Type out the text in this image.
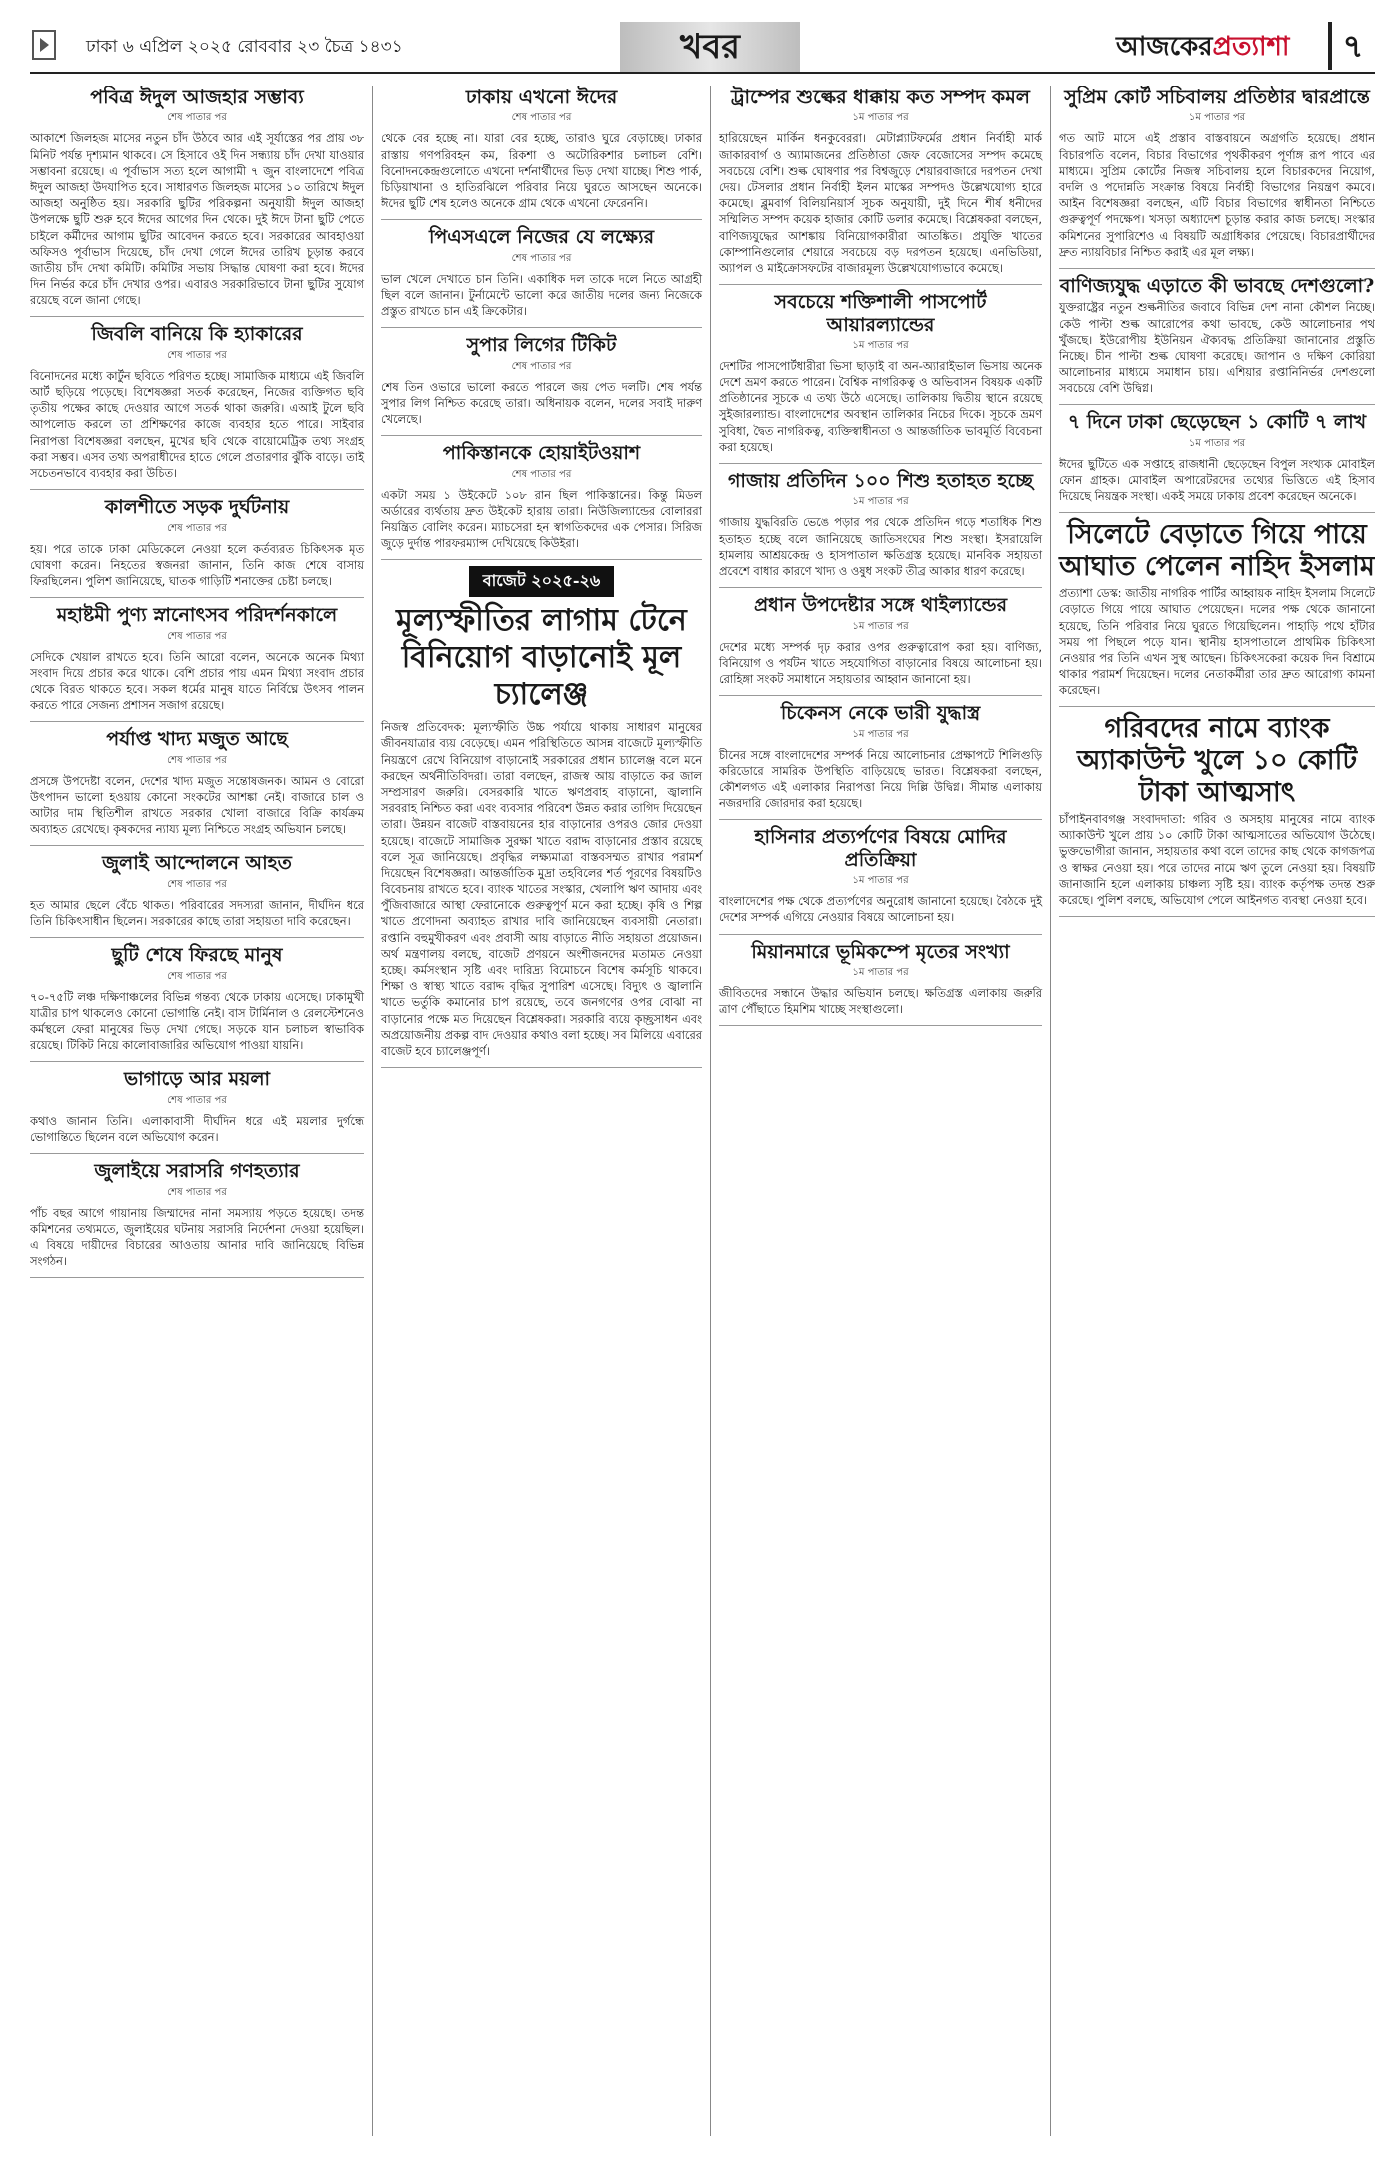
ঢাকা ৬ এপ্রিল ২০২৫ রোববার ২৩ চৈত্র ১৪৩১	খবর	আজকেরপ্রত্যাশা	৭
পবিত্র ঈদুল আজহার সম্ভাব্য
শেষ পাতার পর

আকাশে জিলহজ মাসের নতুন চাঁদ উঠবে আর এই সূর্যাস্তের পর প্রায় ৩৮ মিনিট পর্যন্ত দৃশ্যমান থাকবে। সে হিসাবে ওই দিন সন্ধ্যায় চাঁদ দেখা যাওয়ার সম্ভাবনা রয়েছে। এ পূর্বাভাস সত্য হলে আগামী ৭ জুন বাংলাদেশে পবিত্র ঈদুল আজহা উদযাপিত হবে। সাধারণত জিলহজ মাসের ১০ তারিখে ঈদুল আজহা অনুষ্ঠিত হয়। সরকারি ছুটির পরিকল্পনা অনুযায়ী ঈদুল আজহা উপলক্ষে ছুটি শুরু হবে ঈদের আগের দিন থেকে। দুই ঈদে টানা ছুটি পেতে চাইলে কর্মীদের আগাম ছুটির আবেদন করতে হবে। সরকারের আবহাওয়া অফিসও পূর্বাভাস দিয়েছে, চাঁদ দেখা গেলে ঈদের তারিখ চূড়ান্ত করবে জাতীয় চাঁদ দেখা কমিটি। কমিটির সভায় সিদ্ধান্ত ঘোষণা করা হবে। ঈদের দিন নির্ভর করে চাঁদ দেখার ওপর। এবারও সরকারিভাবে টানা ছুটির সুযোগ রয়েছে বলে জানা গেছে।

জিবলি বানিয়ে কি হ্যাকারের
শেষ পাতার পর

বিনোদনের মধ্যে কার্টুন ছবিতে পরিণত হচ্ছে। সামাজিক মাধ্যমে এই জিবলি আর্ট ছড়িয়ে পড়েছে। বিশেষজ্ঞরা সতর্ক করেছেন, নিজের ব্যক্তিগত ছবি তৃতীয় পক্ষের কাছে দেওয়ার আগে সতর্ক থাকা জরুরি। এআই টুলে ছবি আপলোড করলে তা প্রশিক্ষণের কাজে ব্যবহার হতে পারে। সাইবার নিরাপত্তা বিশেষজ্ঞরা বলছেন, মুখের ছবি থেকে বায়োমেট্রিক তথ্য সংগ্রহ করা সম্ভব। এসব তথ্য অপরাধীদের হাতে গেলে প্রতারণার ঝুঁকি বাড়ে। তাই সচেতনভাবে ব্যবহার করা উচিত।

কালশীতে সড়ক দুর্ঘটনায়
শেষ পাতার পর

হয়। পরে তাকে ঢাকা মেডিকেলে নেওয়া হলে কর্তব্যরত চিকিৎসক মৃত ঘোষণা করেন। নিহতের স্বজনরা জানান, তিনি কাজ শেষে বাসায় ফিরছিলেন। পুলিশ জানিয়েছে, ঘাতক গাড়িটি শনাক্তের চেষ্টা চলছে।

মহাষ্টমী পুণ্য স্নানোৎসব পরিদর্শনকালে
শেষ পাতার পর

সেদিকে খেয়াল রাখতে হবে। তিনি আরো বলেন, অনেকে অনেক মিথ্যা সংবাদ দিয়ে প্রচার করে থাকে। বেশি প্রচার পায় এমন মিথ্যা সংবাদ প্রচার থেকে বিরত থাকতে হবে। সকল ধর্মের মানুষ যাতে নির্বিঘ্নে উৎসব পালন করতে পারে সেজন্য প্রশাসন সজাগ রয়েছে।

পর্যাপ্ত খাদ্য মজুত আছে
শেষ পাতার পর

প্রসঙ্গে উপদেষ্টা বলেন, দেশের খাদ্য মজুত সন্তোষজনক। আমন ও বোরো উৎপাদন ভালো হওয়ায় কোনো সংকটের আশঙ্কা নেই। বাজারে চাল ও আটার দাম স্থিতিশীল রাখতে সরকার খোলা বাজারে বিক্রি কার্যক্রম অব্যাহত রেখেছে। কৃষকদের ন্যায্য মূল্য নিশ্চিতে সংগ্রহ অভিযান চলছে।

জুলাই আন্দোলনে আহত
শেষ পাতার পর

হত আমার ছেলে বেঁচে থাকত। পরিবারের সদস্যরা জানান, দীর্ঘদিন ধরে তিনি চিকিৎসাধীন ছিলেন। সরকারের কাছে তারা সহায়তা দাবি করেছেন।

ছুটি শেষে ফিরছে মানুষ
শেষ পাতার পর

৭০-৭৫টি লঞ্চ দক্ষিণাঞ্চলের বিভিন্ন গন্তব্য থেকে ঢাকায় এসেছে। ঢাকামুখী যাত্রীর চাপ থাকলেও কোনো ভোগান্তি নেই। বাস টার্মিনাল ও রেলস্টেশনেও কর্মস্থলে ফেরা মানুষের ভিড় দেখা গেছে। সড়কে যান চলাচল স্বাভাবিক রয়েছে। টিকিট নিয়ে কালোবাজারির অভিযোগ পাওয়া যায়নি।

ভাগাড়ে আর ময়লা
শেষ পাতার পর

কথাও জানান তিনি। এলাকাবাসী দীর্ঘদিন ধরে এই ময়লার দুর্গন্ধে ভোগান্তিতে ছিলেন বলে অভিযোগ করেন।

জুলাইয়ে সরাসরি গণহত্যার
শেষ পাতার পর

পাঁচ বছর আগে গায়ানায় জিম্মাদের নানা সমস্যায় পড়তে হয়েছে। তদন্ত কমিশনের তথ্যমতে, জুলাইয়ের ঘটনায় সরাসরি নির্দেশনা দেওয়া হয়েছিল। এ বিষয়ে দায়ীদের বিচারের আওতায় আনার দাবি জানিয়েছে বিভিন্ন সংগঠন।

ঢাকায় এখনো ঈদের
শেষ পাতার পর

থেকে বের হচ্ছে না। যারা বের হচ্ছে, তারাও ঘুরে বেড়াচ্ছে। ঢাকার রাস্তায় গণপরিবহন কম, রিকশা ও অটোরিকশার চলাচল বেশি। বিনোদনকেন্দ্রগুলোতে এখনো দর্শনার্থীদের ভিড় দেখা যাচ্ছে। শিশু পার্ক, চিড়িয়াখানা ও হাতিরঝিলে পরিবার নিয়ে ঘুরতে আসছেন অনেকে। ঈদের ছুটি শেষ হলেও অনেকে গ্রাম থেকে এখনো ফেরেননি।

পিএসএলে নিজের যে লক্ষ্যের
শেষ পাতার পর

ভাল খেলে দেখাতে চান তিনি। একাধিক দল তাকে দলে নিতে আগ্রহী ছিল বলে জানান। টুর্নামেন্টে ভালো করে জাতীয় দলের জন্য নিজেকে প্রস্তুত রাখতে চান এই ক্রিকেটার।

সুপার লিগের টিকিট
শেষ পাতার পর

শেষ তিন ওভারে ভালো করতে পারলে জয় পেত দলটি। শেষ পর্যন্ত সুপার লিগ নিশ্চিত করেছে তারা। অধিনায়ক বলেন, দলের সবাই দারুণ খেলেছে।

পাকিস্তানকে হোয়াইটওয়াশ
শেষ পাতার পর

একটা সময় ১ উইকেটে ১০৮ রান ছিল পাকিস্তানের। কিন্তু মিডল অর্ডারের ব্যর্থতায় দ্রুত উইকেট হারায় তারা। নিউজিল্যান্ডের বোলাররা নিয়ন্ত্রিত বোলিং করেন। ম্যাচসেরা হন স্বাগতিকদের এক পেসার। সিরিজ জুড়ে দুর্দান্ত পারফরম্যান্স দেখিয়েছে কিউইরা।

বাজেট ২০২৫-২৬
মূল্যস্ফীতির লাগাম টেনে বিনিয়োগ বাড়ানোই মূল চ্যালেঞ্জ

নিজস্ব প্রতিবেদক: মূল্যস্ফীতি উচ্চ পর্যায়ে থাকায় সাধারণ মানুষের জীবনযাত্রার ব্যয় বেড়েছে। এমন পরিস্থিতিতে আসন্ন বাজেটে মূল্যস্ফীতি নিয়ন্ত্রণে রেখে বিনিয়োগ বাড়ানোই সরকারের প্রধান চ্যালেঞ্জ বলে মনে করছেন অর্থনীতিবিদরা। তারা বলছেন, রাজস্ব আয় বাড়াতে কর জাল সম্প্রসারণ জরুরি। বেসরকারি খাতে ঋণপ্রবাহ বাড়ানো, জ্বালানি সরবরাহ নিশ্চিত করা এবং ব্যবসার পরিবেশ উন্নত করার তাগিদ দিয়েছেন তারা। উন্নয়ন বাজেট বাস্তবায়নের হার বাড়ানোর ওপরও জোর দেওয়া হয়েছে। বাজেটে সামাজিক সুরক্ষা খাতে বরাদ্দ বাড়ানোর প্রস্তাব রয়েছে বলে সূত্র জানিয়েছে। প্রবৃদ্ধির লক্ষ্যমাত্রা বাস্তবসম্মত রাখার পরামর্শ দিয়েছেন বিশেষজ্ঞরা। আন্তর্জাতিক মুদ্রা তহবিলের শর্ত পূরণের বিষয়টিও বিবেচনায় রাখতে হবে। ব্যাংক খাতের সংস্কার, খেলাপি ঋণ আদায় এবং পুঁজিবাজারে আস্থা ফেরানোকে গুরুত্বপূর্ণ মনে করা হচ্ছে। কৃষি ও শিল্প খাতে প্রণোদনা অব্যাহত রাখার দাবি জানিয়েছেন ব্যবসায়ী নেতারা। রপ্তানি বহুমুখীকরণ এবং প্রবাসী আয় বাড়াতে নীতি সহায়তা প্রয়োজন। অর্থ মন্ত্রণালয় বলছে, বাজেট প্রণয়নে অংশীজনদের মতামত নেওয়া হচ্ছে। কর্মসংস্থান সৃষ্টি এবং দারিদ্র্য বিমোচনে বিশেষ কর্মসূচি থাকবে। শিক্ষা ও স্বাস্থ্য খাতে বরাদ্দ বৃদ্ধির সুপারিশ এসেছে। বিদ্যুৎ ও জ্বালানি খাতে ভর্তুকি কমানোর চাপ রয়েছে, তবে জনগণের ওপর বোঝা না বাড়ানোর পক্ষে মত দিয়েছেন বিশ্লেষকরা। সরকারি ব্যয়ে কৃচ্ছ্রসাধন এবং অপ্রয়োজনীয় প্রকল্প বাদ দেওয়ার কথাও বলা হচ্ছে। সব মিলিয়ে এবারের বাজেট হবে চ্যালেঞ্জপূর্ণ।

ট্রাম্পের শুল্কের ধাক্কায় কত সম্পদ কমল
১ম পাতার পর

হারিয়েছেন মার্কিন ধনকুবেররা। মেটাপ্ল্যাটফর্মের প্রধান নির্বাহী মার্ক জাকারবার্গ ও অ্যামাজনের প্রতিষ্ঠাতা জেফ বেজোসের সম্পদ কমেছে সবচেয়ে বেশি। শুল্ক ঘোষণার পর বিশ্বজুড়ে শেয়ারবাজারে দরপতন দেখা দেয়। টেসলার প্রধান নির্বাহী ইলন মাস্কের সম্পদও উল্লেখযোগ্য হারে কমেছে। ব্লুমবার্গ বিলিয়নিয়ার্স সূচক অনুযায়ী, দুই দিনে শীর্ষ ধনীদের সম্মিলিত সম্পদ কয়েক হাজার কোটি ডলার কমেছে। বিশ্লেষকরা বলছেন, বাণিজ্যযুদ্ধের আশঙ্কায় বিনিয়োগকারীরা আতঙ্কিত। প্রযুক্তি খাতের কোম্পানিগুলোর শেয়ারে সবচেয়ে বড় দরপতন হয়েছে। এনভিডিয়া, অ্যাপল ও মাইক্রোসফটের বাজারমূল্য উল্লেখযোগ্যভাবে কমেছে।

সবচেয়ে শক্তিশালী পাসপোর্ট আয়ারল্যান্ডের
১ম পাতার পর

দেশটির পাসপোর্টধারীরা ভিসা ছাড়াই বা অন-অ্যারাইভাল ভিসায় অনেক দেশে ভ্রমণ করতে পারেন। বৈশ্বিক নাগরিকত্ব ও অভিবাসন বিষয়ক একটি প্রতিষ্ঠানের সূচকে এ তথ্য উঠে এসেছে। তালিকায় দ্বিতীয় স্থানে রয়েছে সুইজারল্যান্ড। বাংলাদেশের অবস্থান তালিকার নিচের দিকে। সূচকে ভ্রমণ সুবিধা, দ্বৈত নাগরিকত্ব, ব্যক্তিস্বাধীনতা ও আন্তর্জাতিক ভাবমূর্তি বিবেচনা করা হয়েছে।

গাজায় প্রতিদিন ১০০ শিশু হতাহত হচ্ছে
১ম পাতার পর

গাজায় যুদ্ধবিরতি ভেঙে পড়ার পর থেকে প্রতিদিন গড়ে শতাধিক শিশু হতাহত হচ্ছে বলে জানিয়েছে জাতিসংঘের শিশু সংস্থা। ইসরায়েলি হামলায় আশ্রয়কেন্দ্র ও হাসপাতাল ক্ষতিগ্রস্ত হয়েছে। মানবিক সহায়তা প্রবেশে বাধার কারণে খাদ্য ও ওষুধ সংকট তীব্র আকার ধারণ করেছে।

প্রধান উপদেষ্টার সঙ্গে থাইল্যান্ডের
১ম পাতার পর

দেশের মধ্যে সম্পর্ক দৃঢ় করার ওপর গুরুত্বারোপ করা হয়। বাণিজ্য, বিনিয়োগ ও পর্যটন খাতে সহযোগিতা বাড়ানোর বিষয়ে আলোচনা হয়। রোহিঙ্গা সংকট সমাধানে সহায়তার আহ্বান জানানো হয়।

চিকেনস নেকে ভারী যুদ্ধাস্ত্র
১ম পাতার পর

চীনের সঙ্গে বাংলাদেশের সম্পর্ক নিয়ে আলোচনার প্রেক্ষাপটে শিলিগুড়ি করিডোরে সামরিক উপস্থিতি বাড়িয়েছে ভারত। বিশ্লেষকরা বলছেন, কৌশলগত এই এলাকার নিরাপত্তা নিয়ে দিল্লি উদ্বিগ্ন। সীমান্ত এলাকায় নজরদারি জোরদার করা হয়েছে।

হাসিনার প্রত্যর্পণের বিষয়ে মোদির প্রতিক্রিয়া
১ম পাতার পর

বাংলাদেশের পক্ষ থেকে প্রত্যর্পণের অনুরোধ জানানো হয়েছে। বৈঠকে দুই দেশের সম্পর্ক এগিয়ে নেওয়ার বিষয়ে আলোচনা হয়।

মিয়ানমারে ভূমিকম্পে মৃতের সংখ্যা
১ম পাতার পর

জীবিতদের সন্ধানে উদ্ধার অভিযান চলছে। ক্ষতিগ্রস্ত এলাকায় জরুরি ত্রাণ পৌঁছাতে হিমশিম খাচ্ছে সংস্থাগুলো।

সুপ্রিম কোর্ট সচিবালয় প্রতিষ্ঠার দ্বারপ্রান্তে
১ম পাতার পর

গত আট মাসে এই প্রস্তাব বাস্তবায়নে অগ্রগতি হয়েছে। প্রধান বিচারপতি বলেন, বিচার বিভাগের পৃথকীকরণ পূর্ণাঙ্গ রূপ পাবে এর মাধ্যমে। সুপ্রিম কোর্টের নিজস্ব সচিবালয় হলে বিচারকদের নিয়োগ, বদলি ও পদোন্নতি সংক্রান্ত বিষয়ে নির্বাহী বিভাগের নিয়ন্ত্রণ কমবে। আইন বিশেষজ্ঞরা বলছেন, এটি বিচার বিভাগের স্বাধীনতা নিশ্চিতে গুরুত্বপূর্ণ পদক্ষেপ। খসড়া অধ্যাদেশ চূড়ান্ত করার কাজ চলছে। সংস্কার কমিশনের সুপারিশেও এ বিষয়টি অগ্রাধিকার পেয়েছে। বিচারপ্রার্থীদের দ্রুত ন্যায়বিচার নিশ্চিত করাই এর মূল লক্ষ্য।

বাণিজ্যযুদ্ধ এড়াতে কী ভাবছে দেশগুলো?

যুক্তরাষ্ট্রের নতুন শুল্কনীতির জবাবে বিভিন্ন দেশ নানা কৌশল নিচ্ছে। কেউ পাল্টা শুল্ক আরোপের কথা ভাবছে, কেউ আলোচনার পথ খুঁজছে। ইউরোপীয় ইউনিয়ন ঐক্যবদ্ধ প্রতিক্রিয়া জানানোর প্রস্তুতি নিচ্ছে। চীন পাল্টা শুল্ক ঘোষণা করেছে। জাপান ও দক্ষিণ কোরিয়া আলোচনার মাধ্যমে সমাধান চায়। এশিয়ার রপ্তানিনির্ভর দেশগুলো সবচেয়ে বেশি উদ্বিগ্ন।

৭ দিনে ঢাকা ছেড়েছেন ১ কোটি ৭ লাখ
১ম পাতার পর

ঈদের ছুটিতে এক সপ্তাহে রাজধানী ছেড়েছেন বিপুল সংখ্যক মোবাইল ফোন গ্রাহক। মোবাইল অপারেটরদের তথ্যের ভিত্তিতে এই হিসাব দিয়েছে নিয়ন্ত্রক সংস্থা। একই সময়ে ঢাকায় প্রবেশ করেছেন অনেকে।

সিলেটে বেড়াতে গিয়ে পায়ে আঘাত পেলেন নাহিদ ইসলাম

প্রত্যাশা ডেস্ক: জাতীয় নাগরিক পার্টির আহ্বায়ক নাহিদ ইসলাম সিলেটে বেড়াতে গিয়ে পায়ে আঘাত পেয়েছেন। দলের পক্ষ থেকে জানানো হয়েছে, তিনি পরিবার নিয়ে ঘুরতে গিয়েছিলেন। পাহাড়ি পথে হাঁটার সময় পা পিছলে পড়ে যান। স্থানীয় হাসপাতালে প্রাথমিক চিকিৎসা নেওয়ার পর তিনি এখন সুস্থ আছেন। চিকিৎসকেরা কয়েক দিন বিশ্রামে থাকার পরামর্শ দিয়েছেন। দলের নেতাকর্মীরা তার দ্রুত আরোগ্য কামনা করেছেন।

গরিবদের নামে ব্যাংক অ্যাকাউন্ট খুলে ১০ কোটি টাকা আত্মসাৎ

চাঁপাইনবাবগঞ্জ সংবাদদাতা: গরিব ও অসহায় মানুষের নামে ব্যাংক অ্যাকাউন্ট খুলে প্রায় ১০ কোটি টাকা আত্মসাতের অভিযোগ উঠেছে। ভুক্তভোগীরা জানান, সহায়তার কথা বলে তাদের কাছ থেকে কাগজপত্র ও স্বাক্ষর নেওয়া হয়। পরে তাদের নামে ঋণ তুলে নেওয়া হয়। বিষয়টি জানাজানি হলে এলাকায় চাঞ্চল্য সৃষ্টি হয়। ব্যাংক কর্তৃপক্ষ তদন্ত শুরু করেছে। পুলিশ বলছে, অভিযোগ পেলে আইনগত ব্যবস্থা নেওয়া হবে।
